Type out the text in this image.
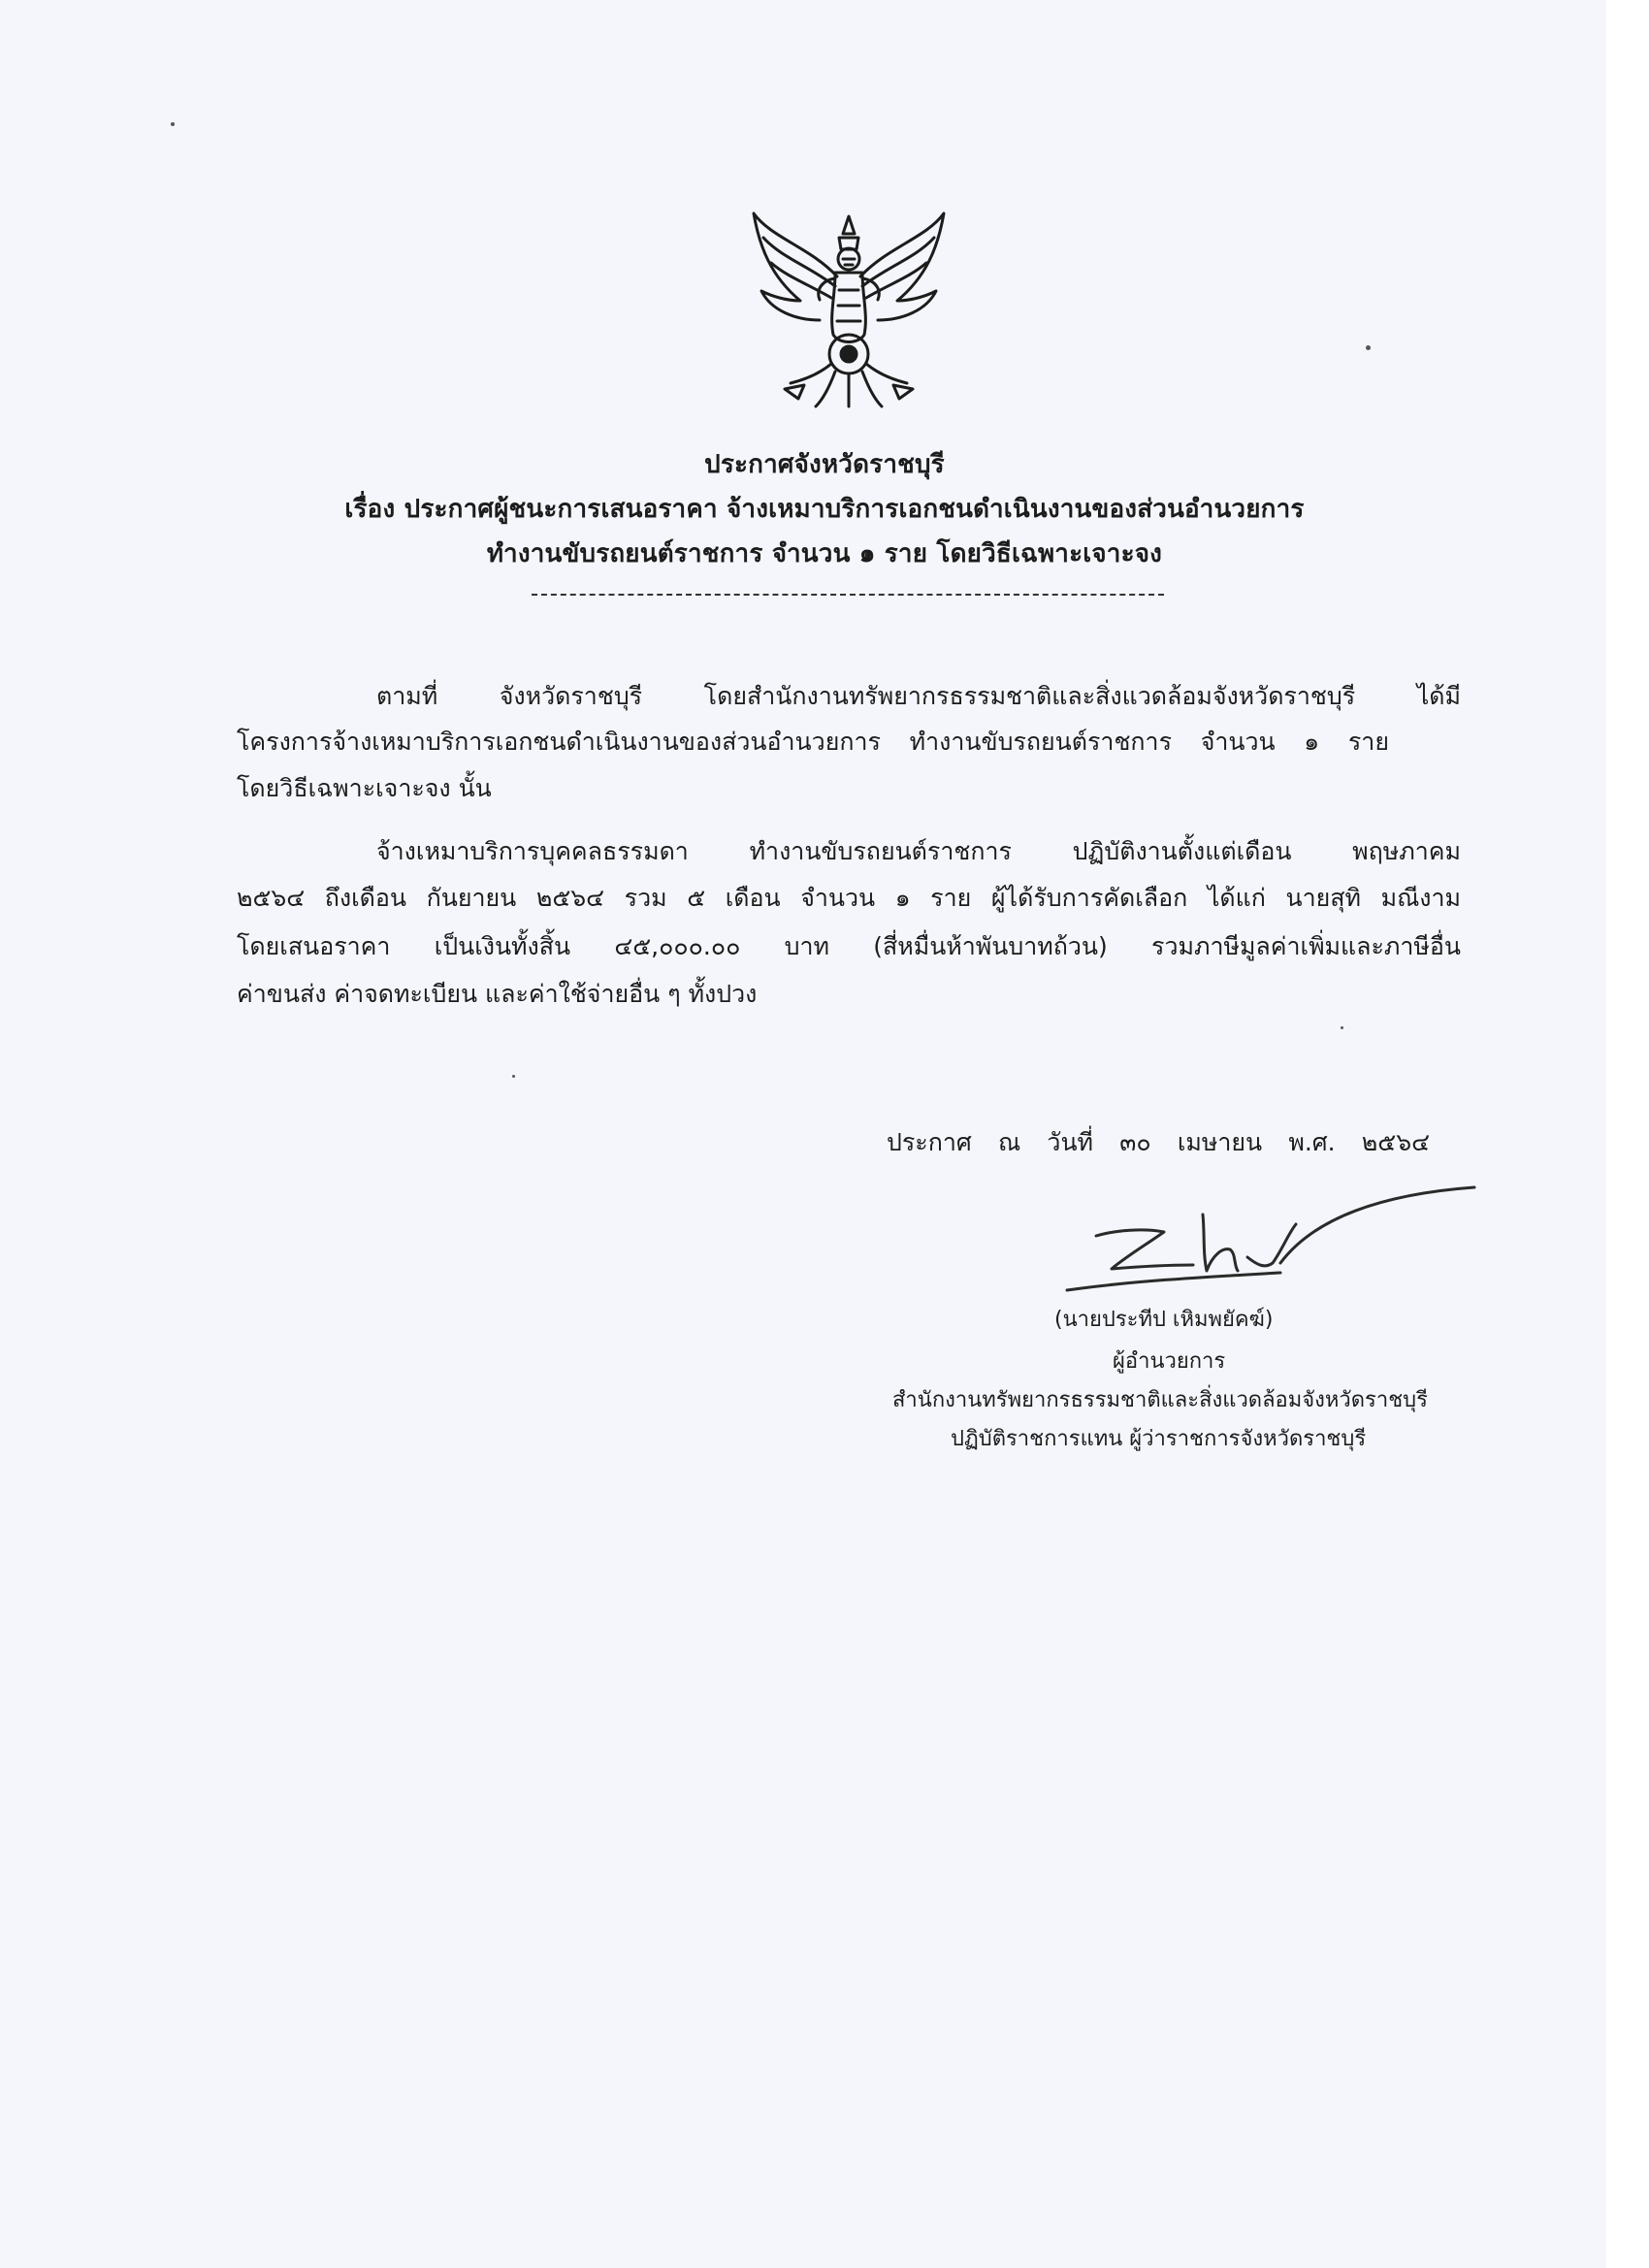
ประกาศจังหวัดราชบุรี
เรื่อง ประกาศผู้ชนะการเสนอราคา จ้างเหมาบริการเอกชนดำเนินงานของส่วนอำนวยการ
ทำงานขับรถยนต์ราชการ จำนวน ๑ ราย โดยวิธีเฉพาะเจาะจง
ตามที่ จังหวัดราชบุรี โดยสำนักงานทรัพยากรธรรมชาติและสิ่งแวดล้อมจังหวัดราชบุรี ได้มี
โครงการจ้างเหมาบริการเอกชนดำเนินงานของส่วนอำนวยการ ทำงานขับรถยนต์ราชการ จำนวน ๑ ราย
โดยวิธีเฉพาะเจาะจง นั้น
จ้างเหมาบริการบุคคลธรรมดา ทำงานขับรถยนต์ราชการ ปฏิบัติงานตั้งแต่เดือน พฤษภาคม
๒๕๖๔ ถึงเดือน กันยายน ๒๕๖๔ รวม ๕ เดือน จำนวน ๑ ราย ผู้ได้รับการคัดเลือก ได้แก่ นายสุทิ มณีงาม
โดยเสนอราคา เป็นเงินทั้งสิ้น ๔๕,๐๐๐.๐๐ บาท (สี่หมื่นห้าพันบาทถ้วน) รวมภาษีมูลค่าเพิ่มและภาษีอื่น
ค่าขนส่ง ค่าจดทะเบียน และค่าใช้จ่ายอื่น ๆ ทั้งปวง
ประกาศ ณ วันที่ ๓๐ เมษายน พ.ศ. ๒๕๖๔
(นายประทีป เหิมพยัคฆ์)
ผู้อำนวยการ
สำนักงานทรัพยากรธรรมชาติและสิ่งแวดล้อมจังหวัดราชบุรี
ปฏิบัติราชการแทน ผู้ว่าราชการจังหวัดราชบุรี
